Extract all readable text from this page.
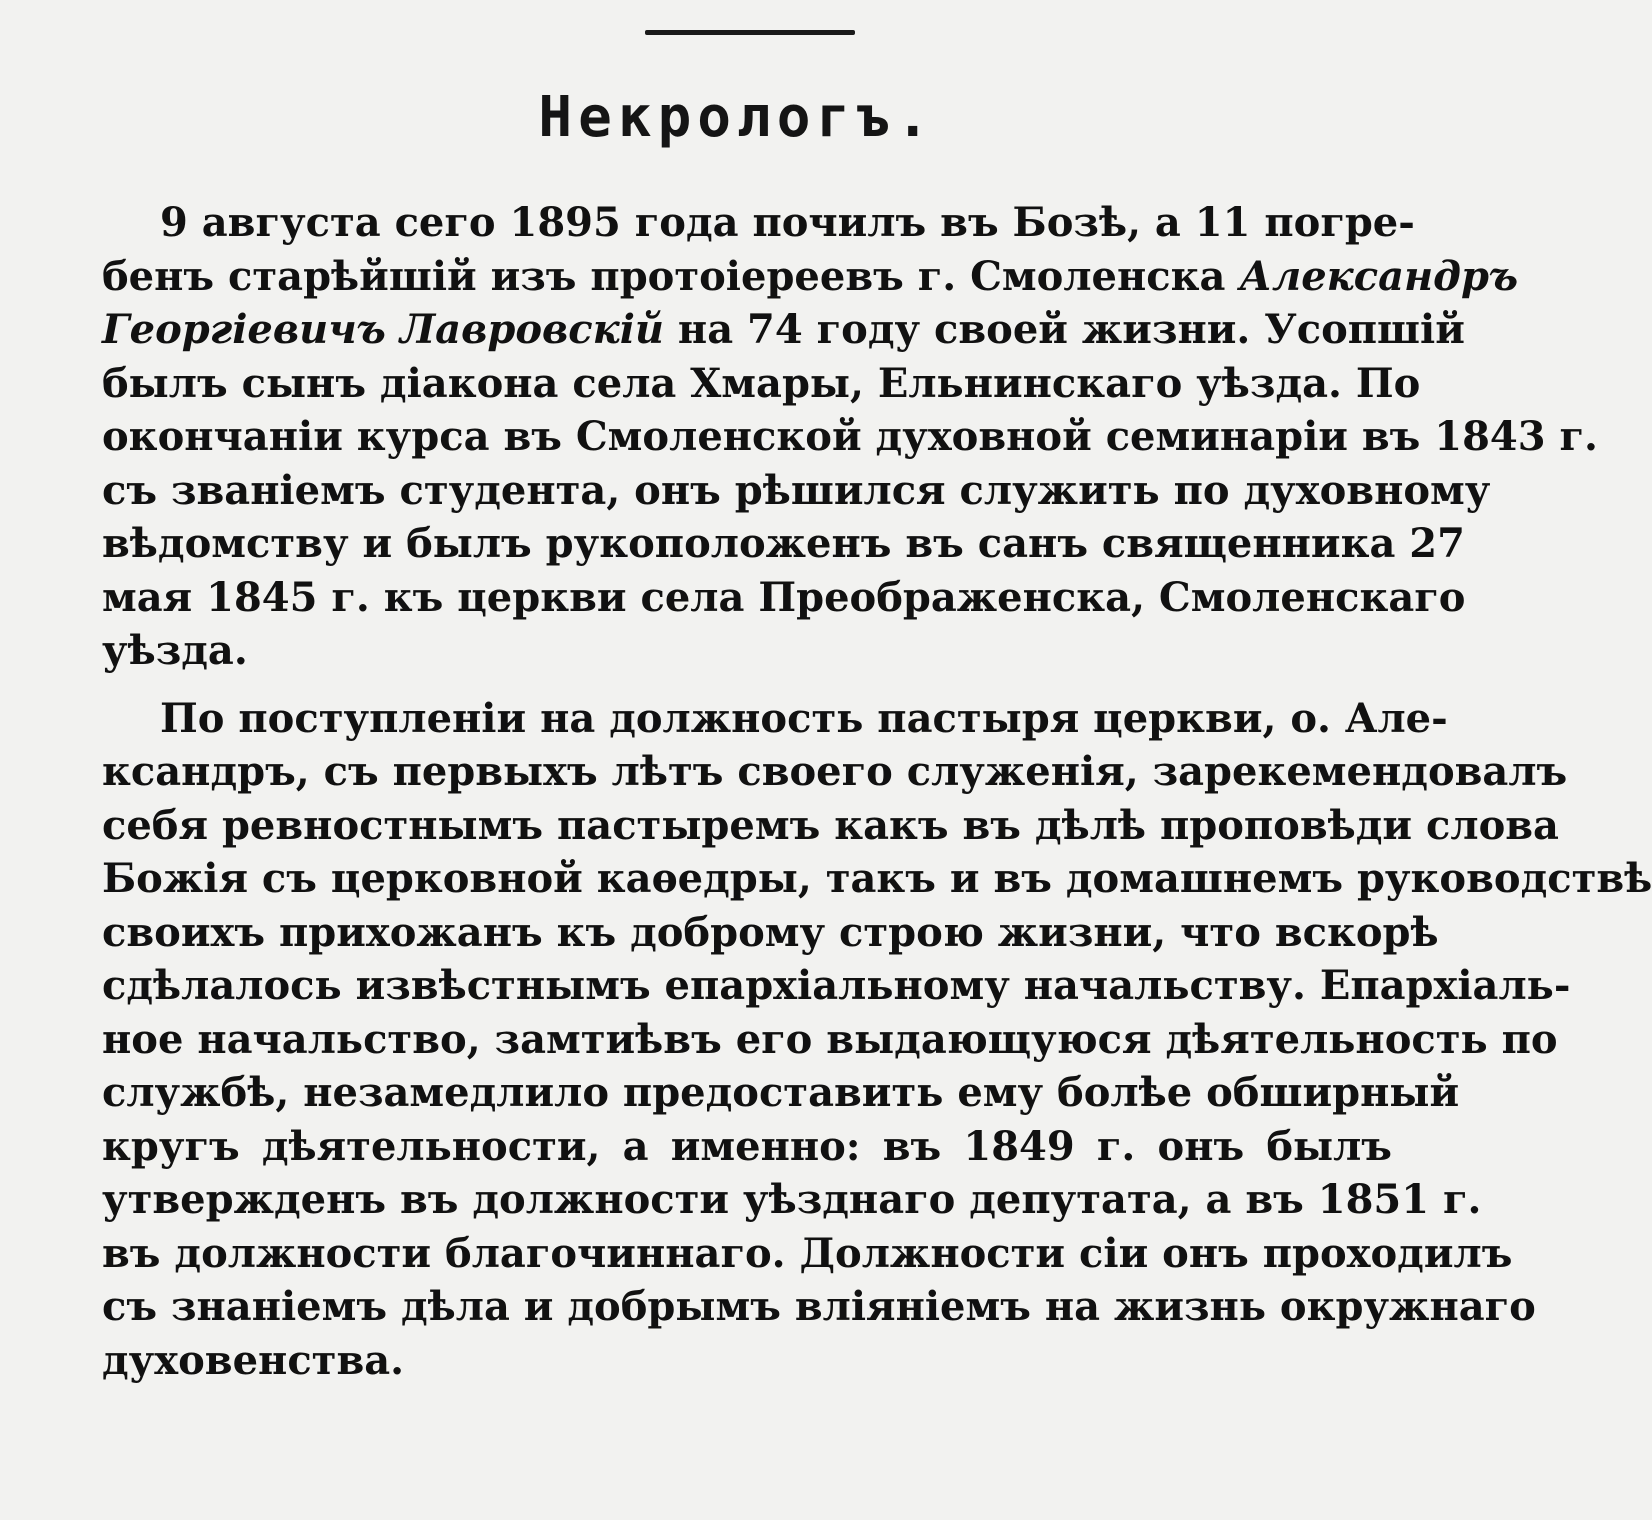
Некрологъ.
9 августа сего 1895 года почилъ въ Бозѣ, а 11 погре-
бенъ старѣйшій изъ протоіереевъ г. Смоленска Александръ
Георгіевичъ Лавровскій на 74 году своей жизни. Усопшій
былъ сынъ діакона села Хмары, Ельнинскаго уѣзда. По
окончаніи курса въ Смоленской духовной семинаріи въ 1843 г.
съ званіемъ студента, онъ рѣшился служить по духовному
вѣдомству и былъ рукоположенъ въ санъ священника 27
мая 1845 г. къ церкви села Преображенска, Смоленскаго
уѣзда.
По поступленіи на должность пастыря церкви, о. Але-
ксандръ, съ первыхъ лѣтъ своего служенія, зарекемендовалъ
себя ревностнымъ пастыремъ какъ въ дѣлѣ проповѣди слова
Божія съ церковной каѳедры, такъ и въ домашнемъ руководствѣ
своихъ прихожанъ къ доброму строю жизни, что вскорѣ
сдѣлалось извѣстнымъ епархіальному начальству. Епархіаль-
ное начальство, замтиѣвъ его выдающуюся дѣятельность по
службѣ, незамедлило предоставить ему болѣе обширный
кругъ дѣятельности, а именно: въ 1849 г. онъ былъ
утвержденъ въ должности уѣзднаго депутата, а въ 1851 г.
въ должности благочиннаго. Должности сіи онъ проходилъ
съ знаніемъ дѣла и добрымъ вліяніемъ на жизнь окружнаго
духовенства.
